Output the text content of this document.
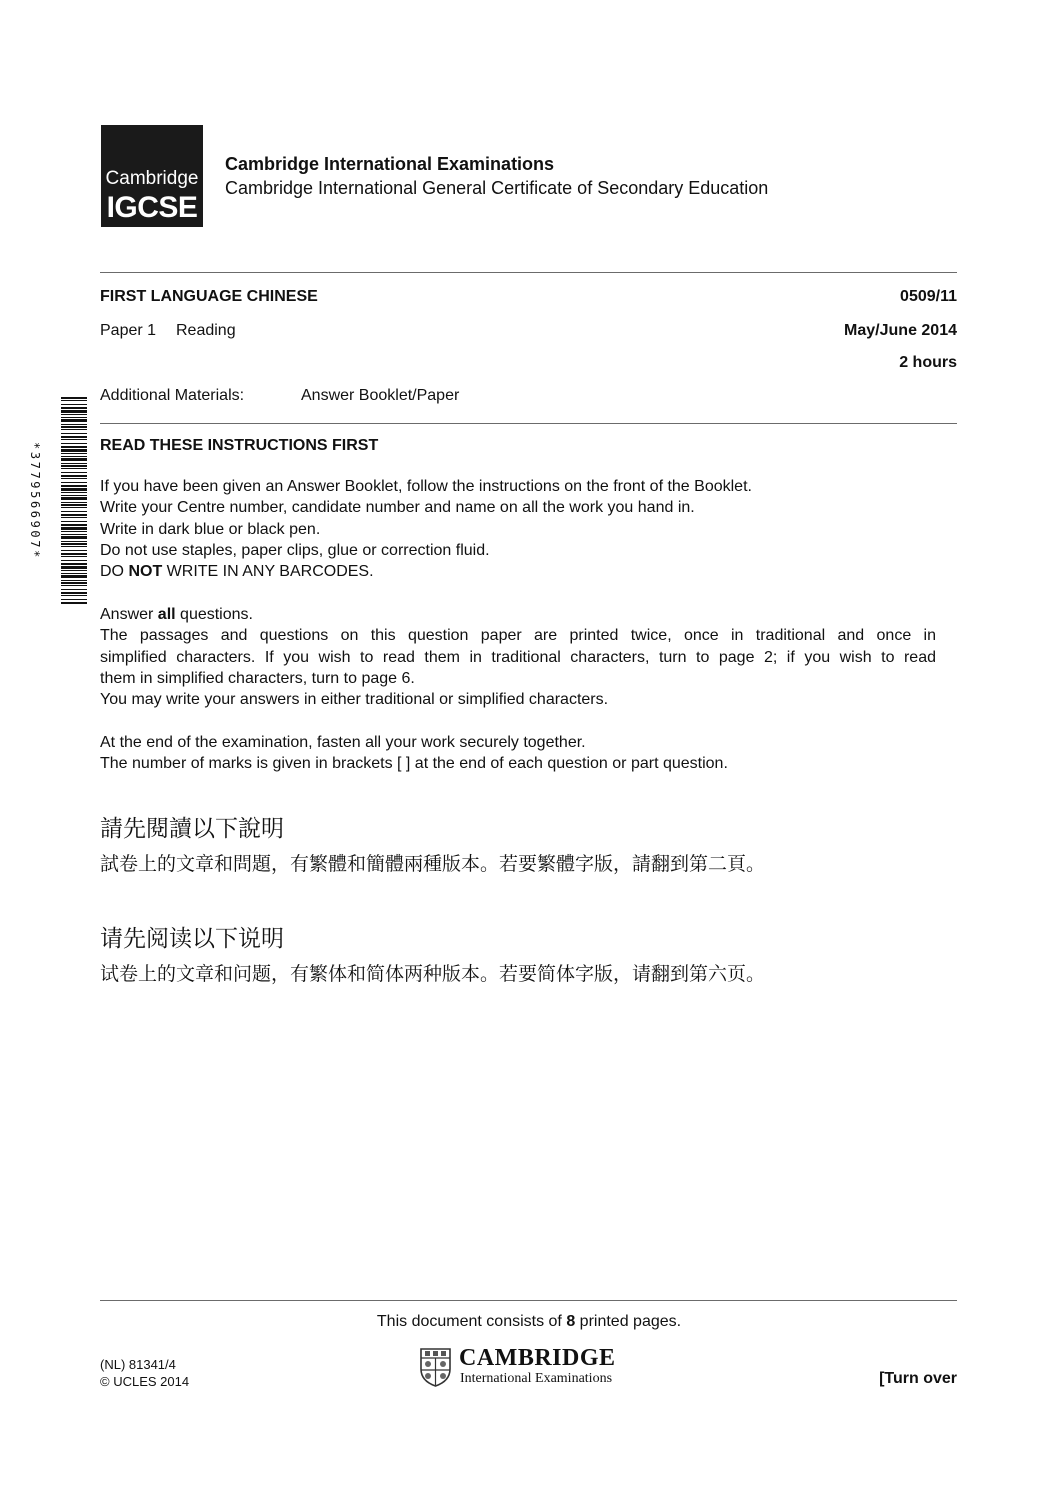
Cambridge
IGCSE
Cambridge International Examinations
Cambridge International General Certificate of Secondary Education
FIRST LANGUAGE CHINESE	0509/11
Paper 1 Reading	May/June 2014
2 hours
Additional Materials:	Answer Booklet/Paper
*3779566907*	READ THESE INSTRUCTIONS FIRST
If you have been given an Answer Booklet, follow the instructions on the front of the Booklet.
Write your Centre number, candidate number and name on all the work you hand in.
Write in dark blue or black pen.
Do not use staples, paper clips, glue or correction fluid.
DO NOT WRITE IN ANY BARCODES.
Answer all questions.
The passages and questions on this question paper are printed twice, once in traditional and once in
simplified characters. If you wish to read them in traditional characters, turn to page 2; if you wish to read
them in simplified characters, turn to page 6.
You may write your answers in either traditional or simplified characters.
At the end of the examination, fasten all your work securely together.
The number of marks is given in brackets [ ] at the end of each question or part question.
請先閱讀以下說明
試卷上的文章和問題，有繁體和簡體兩種版本。若要繁體字版，請翻到第二頁。
请先阅读以下说明
试卷上的文章和问题，有繁体和简体两种版本。若要简体字版，请翻到第六页。
This document consists of 8 printed pages.
(NL) 81341/4
© UCLES 2014
CAMBRIDGE
International Examinations	[Turn over
